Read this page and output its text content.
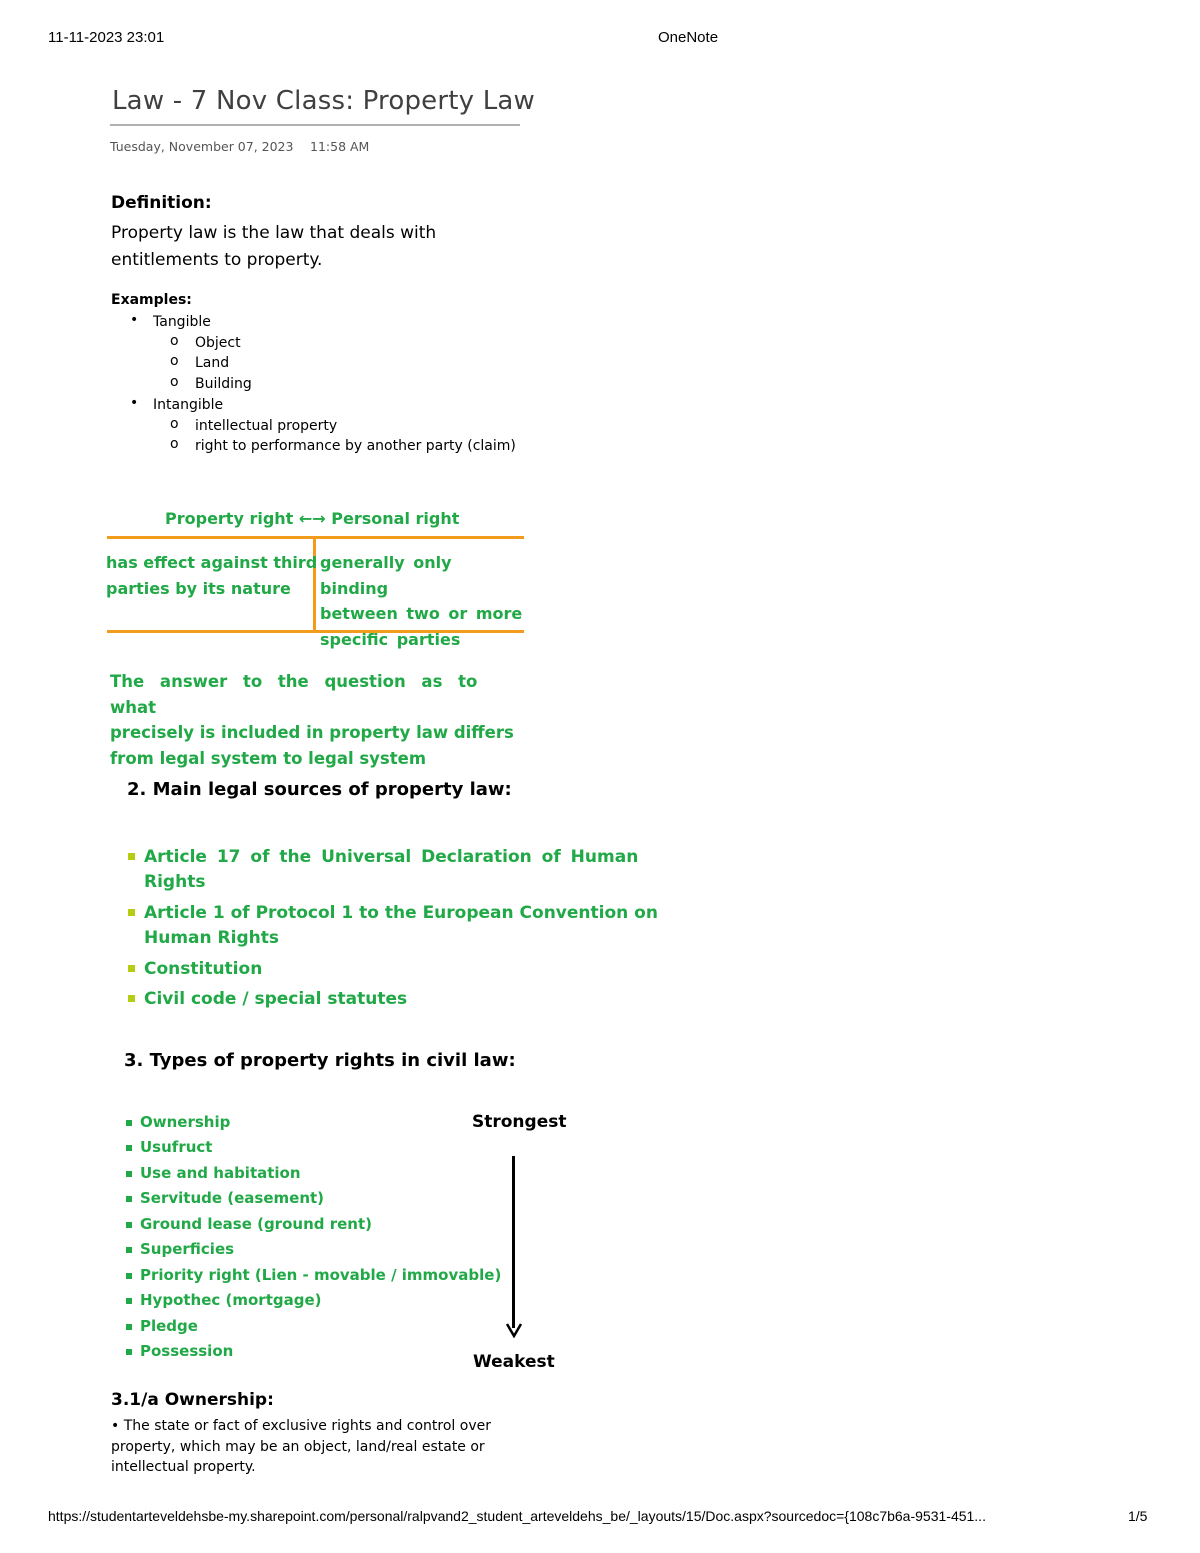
11-11-2023 23:01	OneNote
Law - 7 Nov Class: Property Law
Tuesday, November 07, 2023 11:58 AM
Definition:
Property law is the law that deals with
entitlements to property.
Examples:
• Tangible
o Object
o Land
o Building
• Intangible
o intellectual property
o right to performance by another party (claim)
Property right ←→ Personal right
has effect against third
parties by its nature
generally only binding
between two or more
specific parties
The answer to the question as to what
precisely is included in property law differs
from legal system to legal system
2. Main legal sources of property law:
Article 17 of the Universal Declaration of Human
Rights
Article 1 of Protocol 1 to the European Convention on
Human Rights
Constitution
Civil code / special statutes
3. Types of property rights in civil law:
Ownership
Usufruct
Use and habitation
Servitude (easement)
Ground lease (ground rent)
Superficies
Priority right (Lien - movable / immovable)
Hypothec (mortgage)
Pledge
Possession
Strongest
Weakest
3.1/a Ownership:
• The state or fact of exclusive rights and control over
property, which may be an object, land/real estate or
intellectual property.
https://studentarteveldehsbe-my.sharepoint.com/personal/ralpvand2_student_arteveldehs_be/_layouts/15/Doc.aspx?sourcedoc={108c7b6a-9531-451...	1/5
